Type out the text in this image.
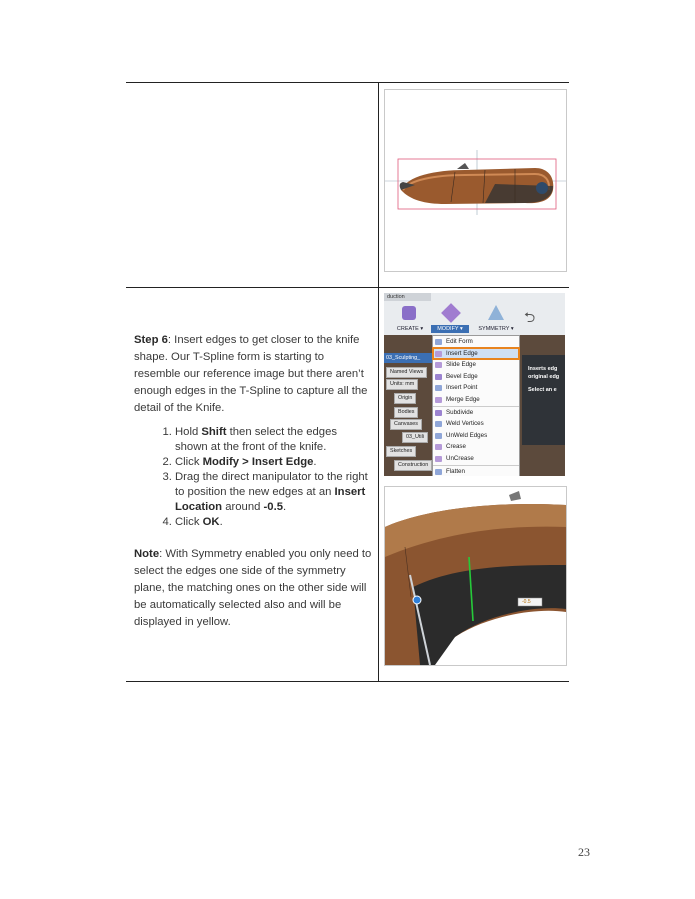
Step 6: Insert edges to get closer to the knife shape. Our T-Spline form is starting to resemble our reference image but there aren’t enough edges in the T-Spline to capture all the detail of the Knife.

1. Hold Shift then select the edges shown at the front of the knife.
2. Click Modify > Insert Edge.
3. Drag the direct manipulator to the right to position the new edges at an Insert Location around -0.5.
4. Click OK.

Note: With Symmetry enabled you only need to select the edges one side of the symmetry plane, the matching ones on the other side will be automatically selected also and will be displayed in yellow.

duction
CREATE ▾	MODIFY ▾	SYMMETRY ▾
⮌
03_Sculpting_
Named Views
Units: mm
Origin
Bodies
Canvases
03_Utili
Sketches
Construction
Inserts edg original edg
Select an e
Edit Form
Insert Edge
Slide Edge
Bevel Edge
Insert Point
Merge Edge
Subdivide
Weld Vertices
UnWeld Edges
Crease
UnCrease
Flatten
-0.5
23
